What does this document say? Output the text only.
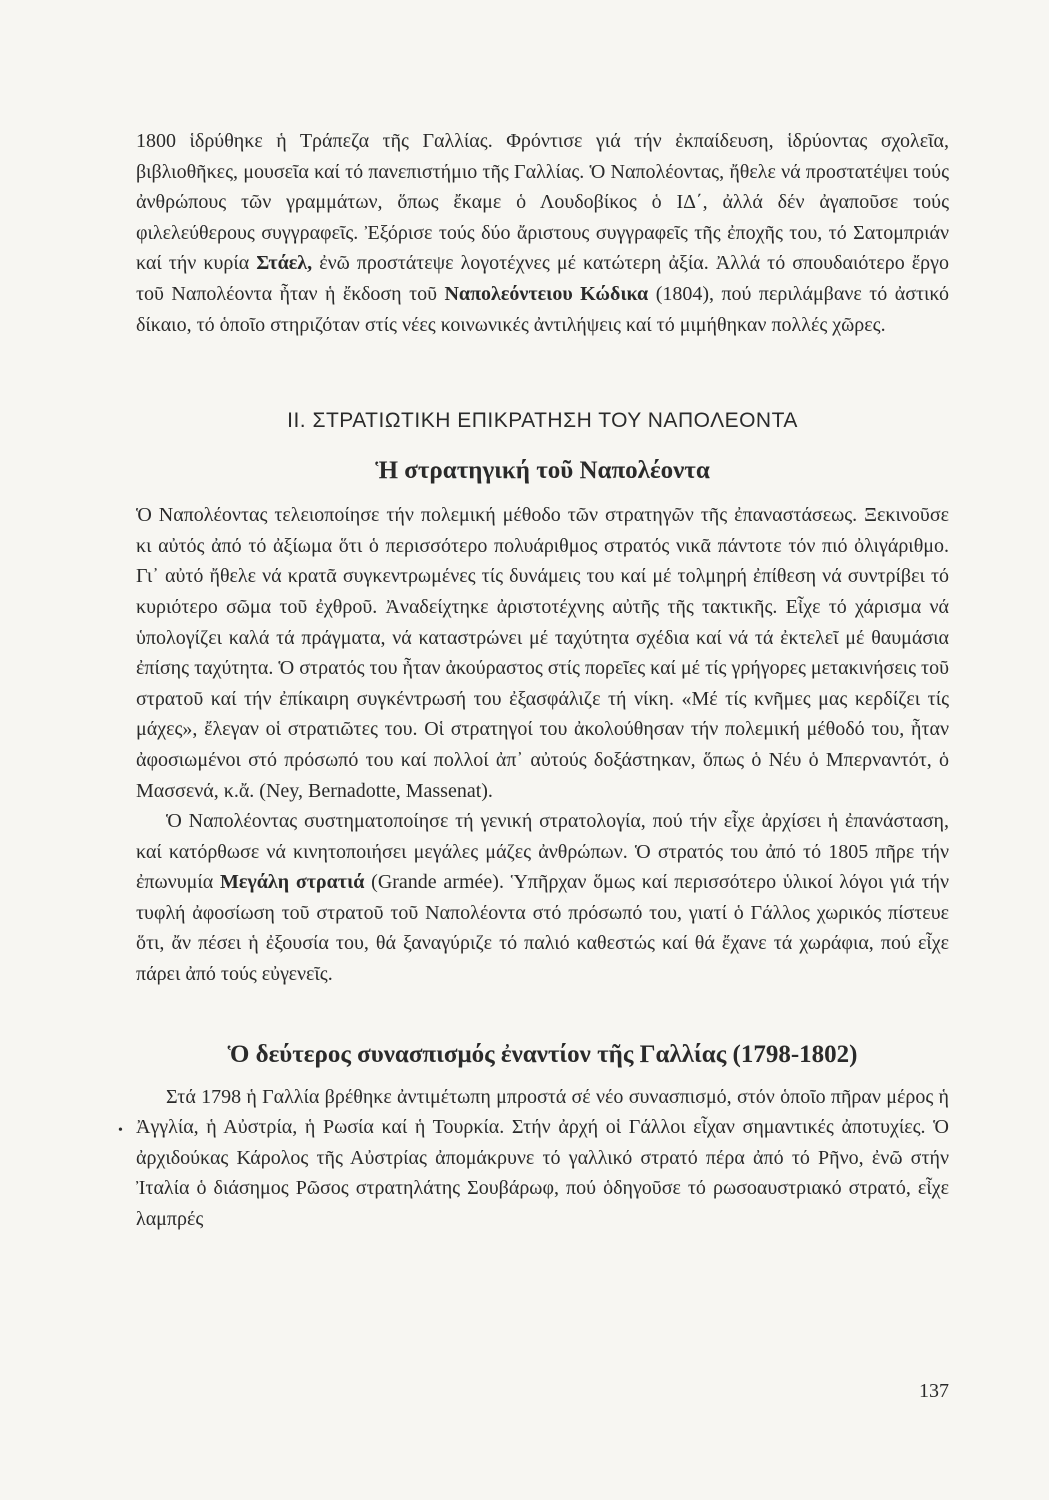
1800 ἱδρύθηκε ἡ Τράπεζα τῆς Γαλλίας. Φρόντισε γιά τήν ἐκπαίδευση, ἱδρύοντας σχολεῖα, βιβλιοθῆκες, μουσεῖα καί τό πανεπιστήμιο τῆς Γαλλίας. Ὁ Ναπολέοντας, ἤθελε νά προστατέψει τούς ἀνθρώπους τῶν γραμμάτων, ὅπως ἔκαμε ὁ Λουδοβίκος ὁ ΙΔ΄, ἀλλά δέν ἀγαποῦσε τούς φιλελεύθερους συγγραφεῖς. Ἐξόρισε τούς δύο ἄριστους συγγραφεῖς τῆς ἐποχῆς του, τό Σατομπριάν καί τήν κυρία Στάελ, ἐνῶ προστάτεψε λογοτέχνες μέ κατώτερη ἀξία. Ἀλλά τό σπουδαιότερο ἔργο τοῦ Ναπολέοντα ἦταν ἡ ἔκδοση τοῦ Ναπολεόντειου Κώδικα (1804), πού περιλάμβανε τό ἀστικό δίκαιο, τό ὁποῖο στηριζόταν στίς νέες κοινωνικές ἀντιλήψεις καί τό μιμήθηκαν πολλές χῶρες.

ΙΙ. ΣΤΡΑΤΙΩΤΙΚΗ ΕΠΙΚΡΑΤΗΣΗ ΤΟΥ ΝΑΠΟΛΕΟΝΤΑ
Ἡ στρατηγική τοῦ Ναπολέοντα

Ὁ Ναπολέοντας τελειοποίησε τήν πολεμική μέθοδο τῶν στρατηγῶν τῆς ἐπαναστάσεως. Ξεκινοῦσε κι αὐτός ἀπό τό ἀξίωμα ὅτι ὁ περισσότερο πολυάριθμος στρατός νικᾶ πάντοτε τόν πιό ὀλιγάριθμο. Γι᾽ αὐτό ἤθελε νά κρατᾶ συγκεντρωμένες τίς δυνάμεις του καί μέ τολμηρή ἐπίθεση νά συντρίβει τό κυριότερο σῶμα τοῦ ἐχθροῦ. Ἀναδείχτηκε ἀριστοτέχνης αὐτῆς τῆς τακτικῆς. Εἶχε τό χάρισμα νά ὑπολογίζει καλά τά πράγματα, νά καταστρώνει μέ ταχύτητα σχέδια καί νά τά ἐκτελεῖ μέ θαυμάσια ἐπίσης ταχύτητα. Ὁ στρατός του ἦταν ἀκούραστος στίς πορεῖες καί μέ τίς γρήγορες μετακινήσεις τοῦ στρατοῦ καί τήν ἐπίκαιρη συγκέντρωσή του ἐξασφάλιζε τή νίκη. «Μέ τίς κνῆμες μας κερδίζει τίς μάχες», ἔλεγαν οἱ στρατιῶτες του. Οἱ στρατηγοί του ἀκολούθησαν τήν πολεμική μέθοδό του, ἦταν ἀφοσιωμένοι στό πρόσωπό του καί πολλοί ἀπ᾽ αὐτούς δοξάστηκαν, ὅπως ὁ Νέυ ὁ Μπερναντότ, ὁ Μασσενά, κ.ἄ. (Ney, Bernadotte, Massenat).

Ὁ Ναπολέοντας συστηματοποίησε τή γενική στρατολογία, πού τήν εἶχε ἀρχίσει ἡ ἐπανάσταση, καί κατόρθωσε νά κινητοποιήσει μεγάλες μάζες ἀνθρώπων. Ὁ στρατός του ἀπό τό 1805 πῆρε τήν ἐπωνυμία Μεγάλη στρατιά (Grande armée). Ὑπῆρχαν ὅμως καί περισσότερο ὑλικοί λόγοι γιά τήν τυφλή ἀφοσίωση τοῦ στρατοῦ τοῦ Ναπολέοντα στό πρόσωπό του, γιατί ὁ Γάλλος χωρικός πίστευε ὅτι, ἄν πέσει ἡ ἐξουσία του, θά ξαναγύριζε τό παλιό καθεστώς καί θά ἔχανε τά χωράφια, πού εἶχε πάρει ἀπό τούς εὐγενεῖς.

Ὁ δεύτερος συνασπισμός ἐναντίον τῆς Γαλλίας (1798-1802)

Στά 1798 ἡ Γαλλία βρέθηκε ἀντιμέτωπη μπροστά σέ νέο συνασπισμό, στόν ὁποῖο πῆραν μέρος ἡ Ἀγγλία, ἡ Αὐστρία, ἡ Ρωσία καί ἡ Τουρκία. Στήν ἀρχή οἱ Γάλλοι εἶχαν σημαντικές ἀποτυχίες. Ὁ ἀρχιδούκας Κάρολος τῆς Αὐστρίας ἀπομάκρυνε τό γαλλικό στρατό πέρα ἀπό τό Ρῆνο, ἐνῶ στήν Ἰταλία ὁ διάσημος Ρῶσος στρατηλάτης Σουβάρωφ, πού ὁδηγοῦσε τό ρωσοαυστριακό στρατό, εἶχε λαμπρές

•
137
